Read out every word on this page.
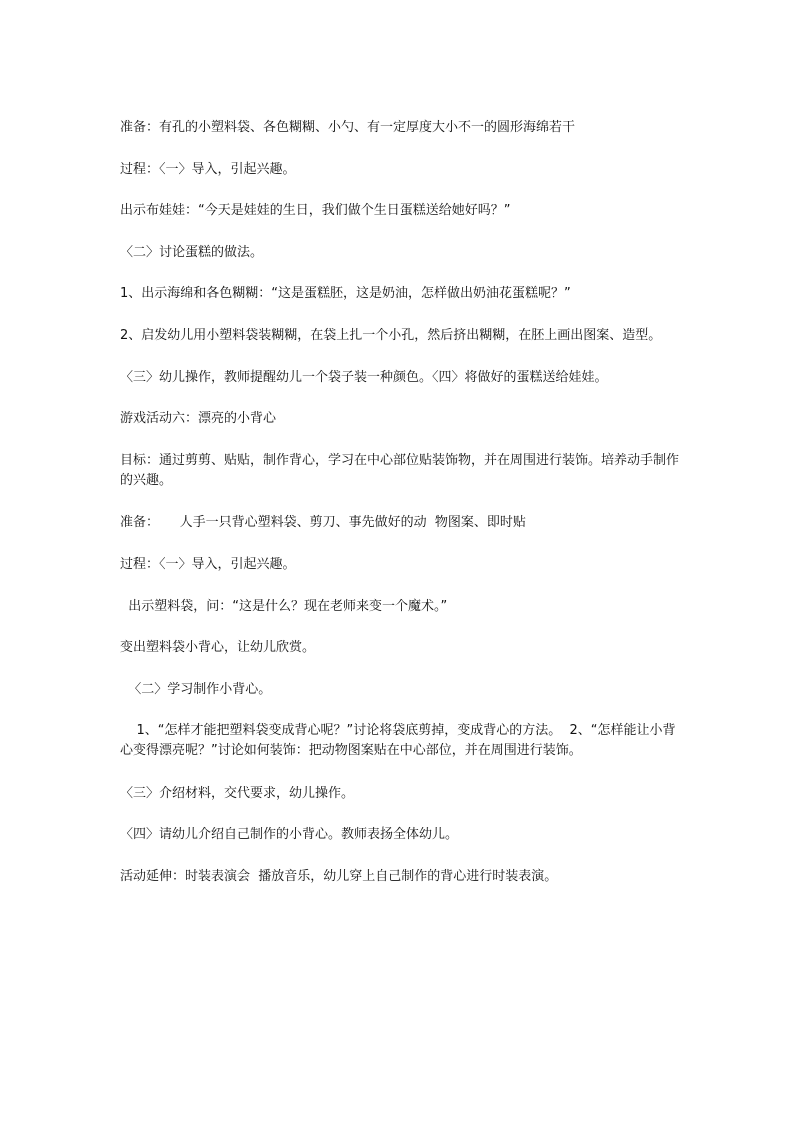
准备：有孔的小塑料袋、各色糊糊、小勺、有一定厚度大小不一的圆形海绵若干

过程：〈一〉导入，引起兴趣。

出示布娃娃：“今天是娃娃的生日，我们做个生日蛋糕送给她好吗？”

〈二〉讨论蛋糕的做法。

1、出示海绵和各色糊糊：“这是蛋糕胚，这是奶油，怎样做出奶油花蛋糕呢？”

2、启发幼儿用小塑料袋装糊糊，在袋上扎一个小孔，然后挤出糊糊，在胚上画出图案、造型。

〈三〉幼儿操作，教师提醒幼儿一个袋子装一种颜色。〈四〉将做好的蛋糕送给娃娃。

游戏活动六：漂亮的小背心

目标：通过剪剪、贴贴，制作背心，学习在中心部位贴装饰物，并在周围进行装饰。培养动手制作的兴趣。

准备：     人手一只背心塑料袋、剪刀、事先做好的动  物图案、即时贴

过程：〈一〉导入，引起兴趣。

出示塑料袋，问：“这是什么？现在老师来变一个魔术。”

变出塑料袋小背心，让幼儿欣赏。

〈二〉学习制作小背心。

1、“怎样才能把塑料袋变成背心呢？”讨论将袋底剪掉，变成背心的方法。  2、“怎样能让小背心变得漂亮呢？”讨论如何装饰：把动物图案贴在中心部位，并在周围进行装饰。

〈三〉介绍材料，交代要求，幼儿操作。

〈四〉请幼儿介绍自己制作的小背心。教师表扬全体幼儿。

活动延伸：时装表演会  播放音乐，幼儿穿上自己制作的背心进行时装表演。
